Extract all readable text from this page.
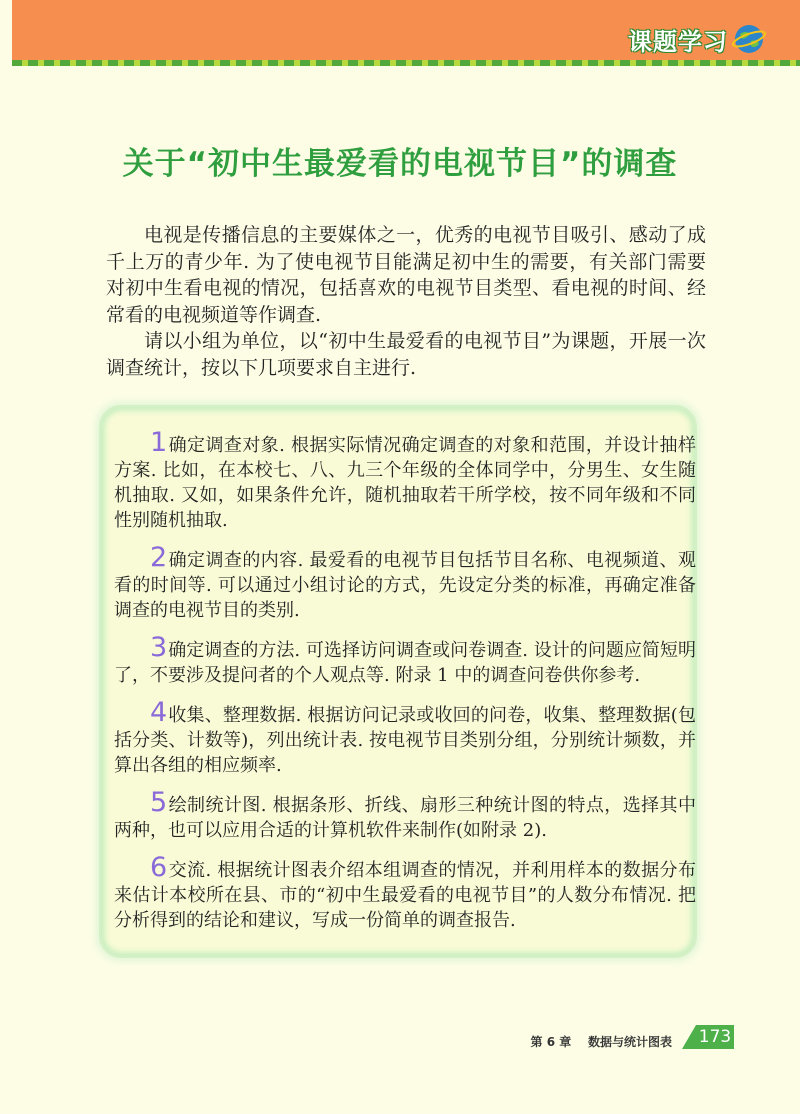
课题学习
关于“初中生最爱看的电视节目”的调查

电视是传播信息的主要媒体之一，优秀的电视节目吸引、感动了成千上万的青少年. 为了使电视节目能满足初中生的需要，有关部门需要对初中生看电视的情况，包括喜欢的电视节目类型、看电视的时间、经常看的电视频道等作调查.

请以小组为单位，以“初中生最爱看的电视节目”为课题，开展一次调查统计，按以下几项要求自主进行.

1确定调查对象. 根据实际情况确定调查的对象和范围，并设计抽样方案. 比如，在本校七、八、九三个年级的全体同学中，分男生、女生随机抽取. 又如，如果条件允许，随机抽取若干所学校，按不同年级和不同性别随机抽取.
2确定调查的内容. 最爱看的电视节目包括节目名称、电视频道、观看的时间等. 可以通过小组讨论的方式，先设定分类的标准，再确定准备调查的电视节目的类别.
3确定调查的方法. 可选择访问调查或问卷调查. 设计的问题应简短明了，不要涉及提问者的个人观点等. 附录 1 中的调查问卷供你参考.
4收集、整理数据. 根据访问记录或收回的问卷，收集、整理数据(包括分类、计数等)，列出统计表. 按电视节目类别分组，分别统计频数，并算出各组的相应频率.
5绘制统计图. 根据条形、折线、扇形三种统计图的特点，选择其中两种，也可以应用合适的计算机软件来制作(如附录 2).
6交流. 根据统计图表介绍本组调查的情况，并利用样本的数据分布来估计本校所在县、市的“初中生最爱看的电视节目”的人数分布情况. 把分析得到的结论和建议，写成一份简单的调查报告.
第 6 章 数据与统计图表 173
